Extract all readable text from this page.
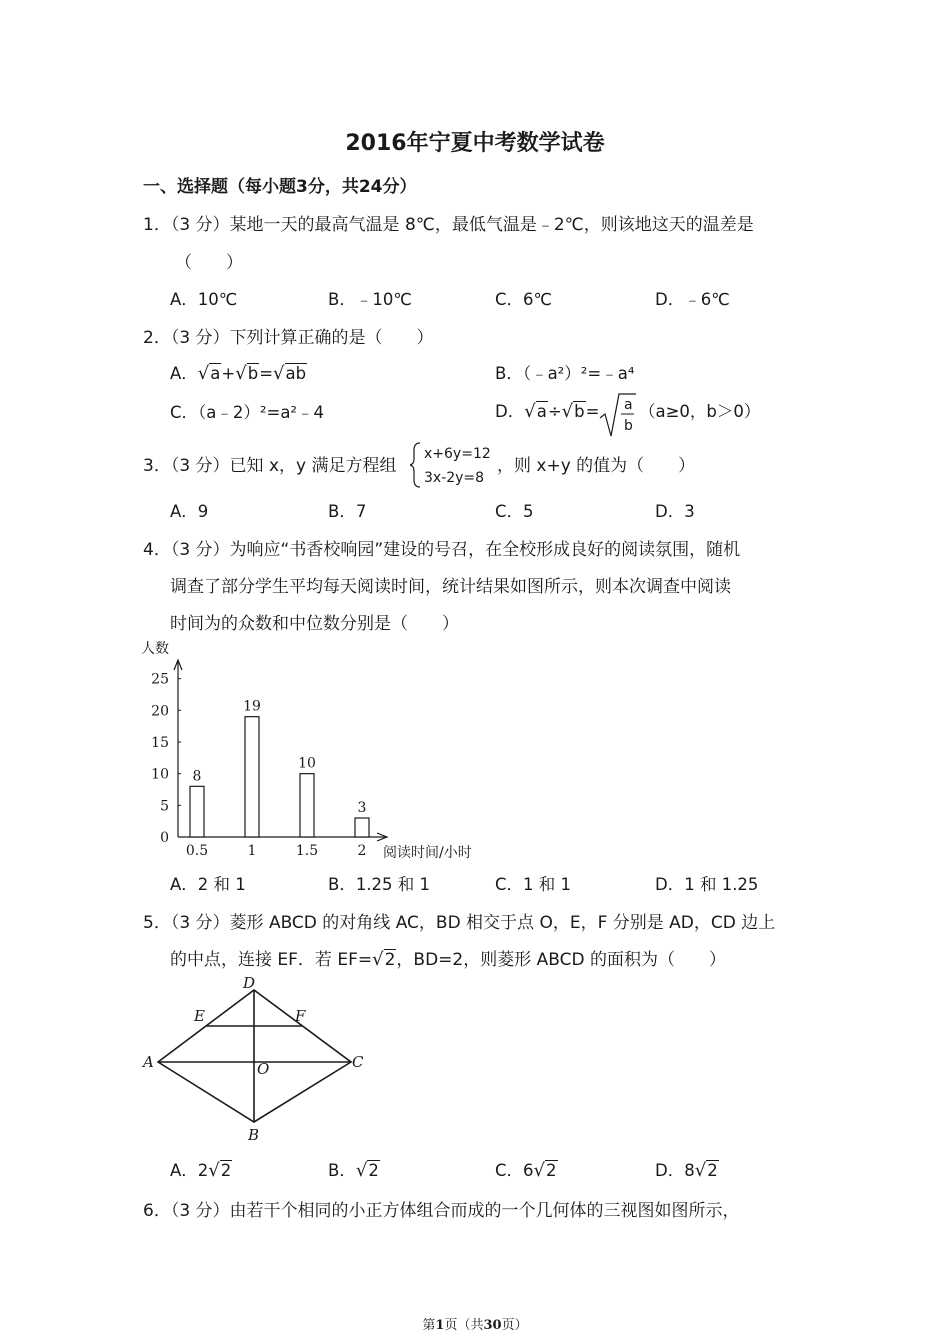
2016年宁夏中考数学试卷
一、选择题（每小题3分，共24分）
1．（3 分）某地一天的最高气温是 8℃，最低气温是﹣2℃，则该地这天的温差是
（　　）
A．10℃	B．﹣10℃	C．6℃	D．﹣6℃
2．（3 分）下列计算正确的是（　　）
A．√a+√b=√ab	B．（﹣a²）²=﹣a⁴
C．（a﹣2）²=a²﹣4	D．√a÷√b= a
b
（a≥0，b＞0）
3．（3 分）已知 x，y 满足方程组
x+6y=12
3x-2y=8
，则 x+y 的值为（　　）
A．9	B．7	C．5	D．3
4．（3 分）为响应“书香校响园”建设的号召，在全校形成良好的阅读氛围，随机
调查了部分学生平均每天阅读时间，统计结果如图所示，则本次调查中阅读
时间为的众数和中位数分别是（　　）
人数
阅读时间/小时
0
5
10
15
20
25
8
0.5
19
1
10
1.5
3
2
A．2 和 1	B．1.25 和 1	C．1 和 1	D．1 和 1.25
5．（3 分）菱形 ABCD 的对角线 AC，BD 相交于点 O，E，F 分别是 AD，CD 边上
的中点，连接 EF．若 EF=√2，BD=2，则菱形 ABCD 的面积为（　　）
D
E	F
A	C
O
B
A．2√2	B．√2	C．6√2	D．8√2
6．（3 分）由若干个相同的小正方体组合而成的一个几何体的三视图如图所示，
第1页（共30页）
